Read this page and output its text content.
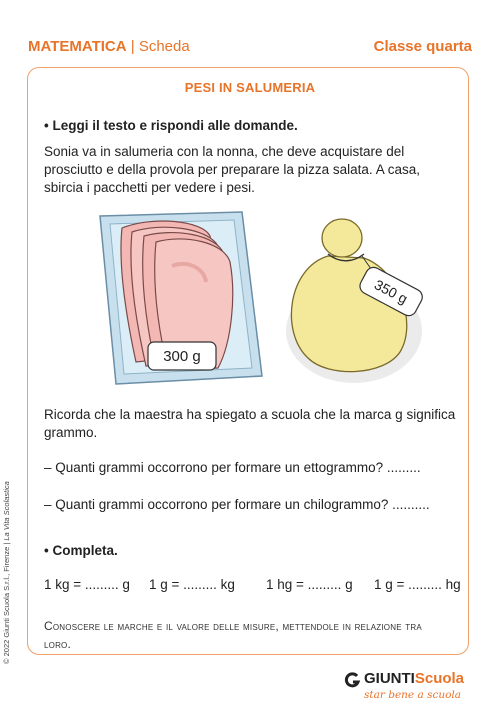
MATEMATICA | Scheda	Classe quarta
PESI IN SALUMERIA
• Leggi il testo e rispondi alle domande.
Sonia va in salumeria con la nonna, che deve acquistare del prosciutto e della provola per preparare la pizza salata. A casa, sbircia i pacchetti per vedere i pesi.
300 g
350 g
Ricorda che la maestra ha spiegato a scuola che la marca g significa grammo.
– Quanti grammi occorrono per formare un ettogrammo? .........
– Quanti grammi occorrono per formare un chilogrammo? ..........
• Completa.
1 kg = ......... g 1 g = ......... kg 1 hg = ......... g 1 g = ......... hg
Conoscere le marche e il valore delle misure, mettendole in relazione tra loro.
© 2022 Giunti Scuola S.r.l., Firenze | La Vita Scolastica
GIUNTIScuola
star bene a scuola
